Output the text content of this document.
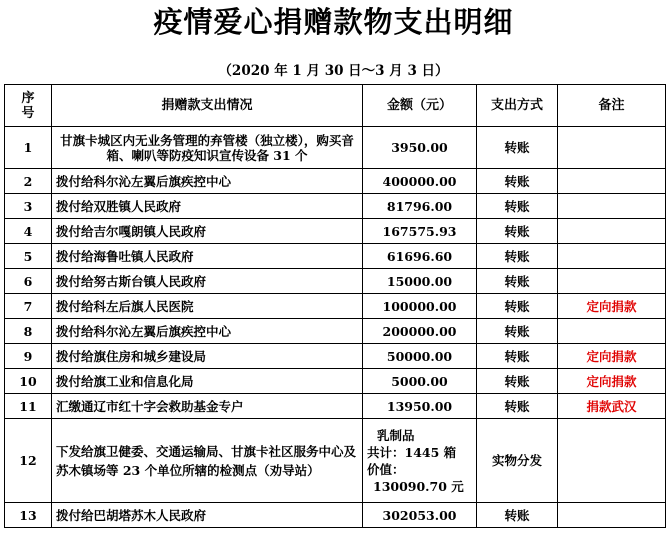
疫情爱心捐赠款物支出明细
（2020 年 1 月 30 日～3 月 3 日）
序号	捐赠款支出情况	金额（元）	支出方式	备注
1	甘旗卡城区内无业务管理的弃管楼（独立楼），购买音箱、喇叭等防疫知识宣传设备 31 个	3950.00	转账	
2	拨付给科尔沁左翼后旗疾控中心	400000.00	转账	
3	拨付给双胜镇人民政府	81796.00	转账	
4	拨付给吉尔嘎朗镇人民政府	167575.93	转账	
5	拨付给海鲁吐镇人民政府	61696.60	转账	
6	拨付给努古斯台镇人民政府	15000.00	转账	
7	拨付给科左后旗人民医院	100000.00	转账	定向捐款
8	拨付给科尔沁左翼后旗疾控中心	200000.00	转账	
9	拨付给旗住房和城乡建设局	50000.00	转账	定向捐款
10	拨付给旗工业和信息化局	5000.00	转账	定向捐款
11	汇缴通辽市红十字会救助基金专户	13950.00	转账	捐款武汉
12	下发给旗卫健委、交通运输局、甘旗卡社区服务中心及苏木镇场等 23 个单位所辖的检测点（劝导站）	乳制品
共计：1445 箱
价值：
130090.70 元	实物分发	
13	拨付给巴胡塔苏木人民政府	302053.00	转账	
